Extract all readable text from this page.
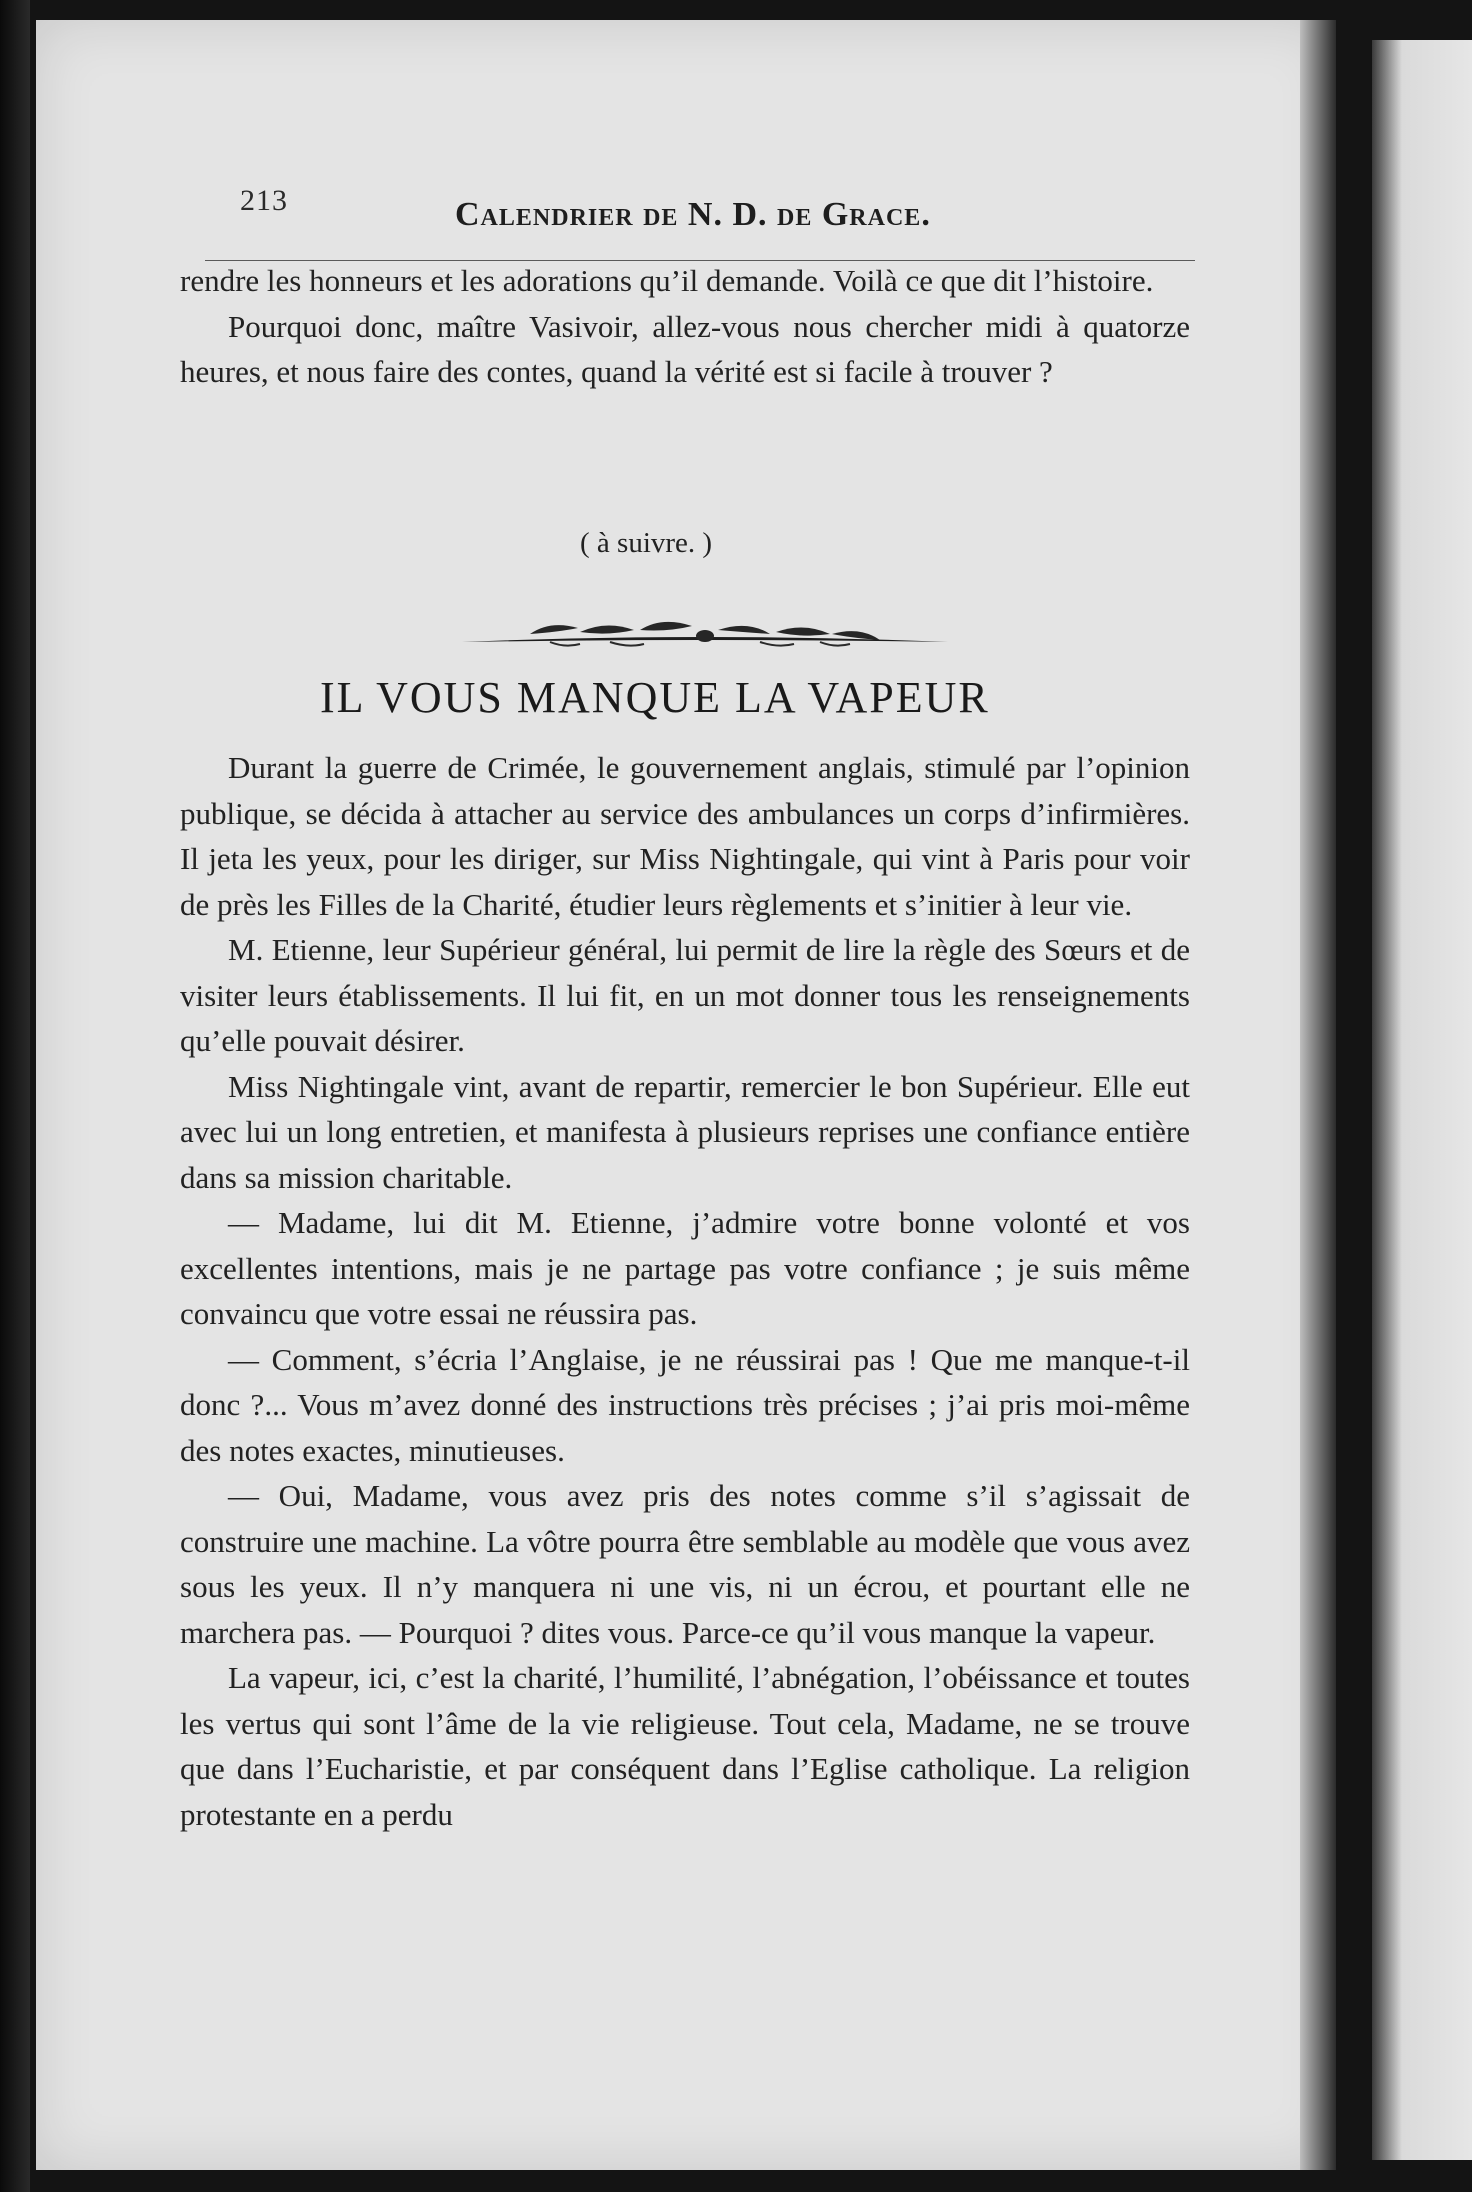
213	Calendrier de N. D. de Grace.

rendre les honneurs et les adorations qu’il demande. Voilà ce que dit l’histoire.

Pourquoi donc, maître Vasivoir, allez-vous nous chercher midi à quatorze heures, et nous faire des contes, quand la vérité est si facile à trouver ?

( à suivre. )
IL VOUS MANQUE LA VAPEUR

Durant la guerre de Crimée, le gouvernement anglais, stimulé par l’opinion publique, se décida à attacher au service des ambulances un corps d’infirmières. Il jeta les yeux, pour les diriger, sur Miss Nightingale, qui vint à Paris pour voir de près les Filles de la Charité, étudier leurs règlements et s’initier à leur vie.

M. Etienne, leur Supérieur général, lui permit de lire la règle des Sœurs et de visiter leurs établissements. Il lui fit, en un mot donner tous les renseignements qu’elle pouvait désirer.

Miss Nightingale vint, avant de repartir, remercier le bon Supérieur. Elle eut avec lui un long entretien, et manifesta à plusieurs reprises une confiance entière dans sa mission charitable.

— Madame, lui dit M. Etienne, j’admire votre bonne volonté et vos excellentes intentions, mais je ne partage pas votre confiance ; je suis même convaincu que votre essai ne réussira pas.

— Comment, s’écria l’Anglaise, je ne réussirai pas ! Que me manque-t-il donc ?... Vous m’avez donné des instructions très précises ; j’ai pris moi-même des notes exactes, minutieuses.

— Oui, Madame, vous avez pris des notes comme s’il s’agissait de construire une machine. La vôtre pourra être semblable au modèle que vous avez sous les yeux. Il n’y manquera ni une vis, ni un écrou, et pourtant elle ne marchera pas. — Pourquoi ? dites vous. Parce-ce qu’il vous manque la vapeur.

La vapeur, ici, c’est la charité, l’humilité, l’abnégation, l’obéissance et toutes les vertus qui sont l’âme de la vie religieuse. Tout cela, Madame, ne se trouve que dans l’Eucharistie, et par conséquent dans l’Eglise catholique. La religion protestante en a perdu
